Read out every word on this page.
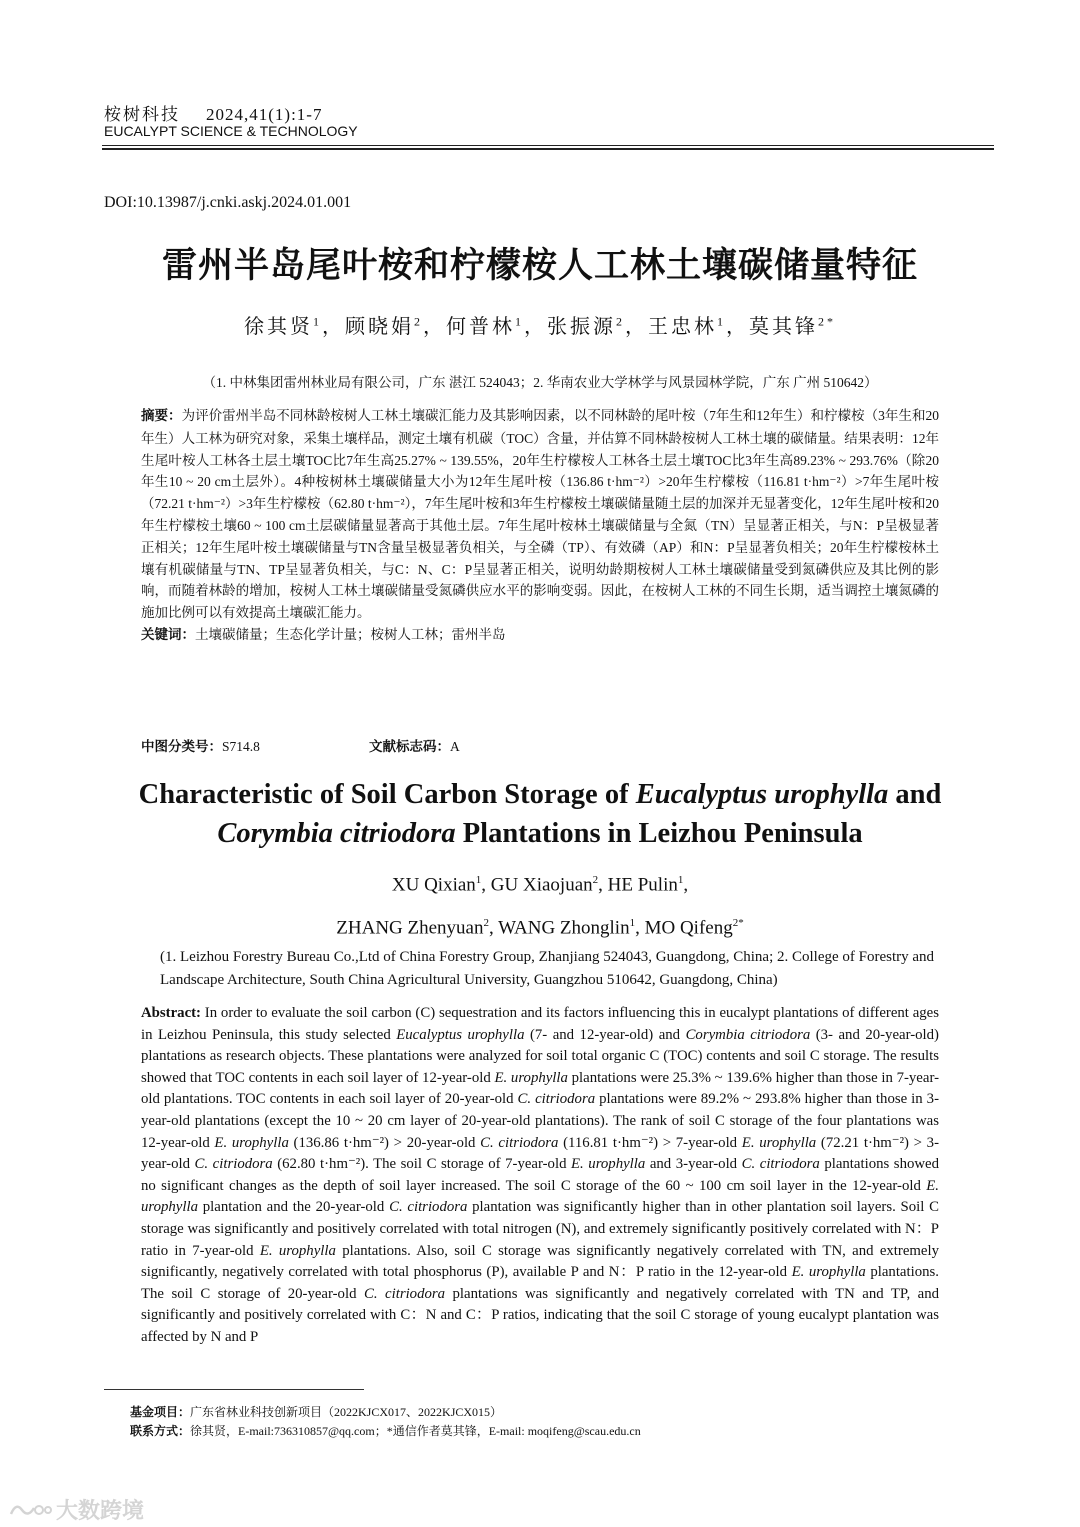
桉树科技 2024,41(1):1-7
EUCALYPT SCIENCE & TECHNOLOGY
DOI:10.13987/j.cnki.askj.2024.01.001
雷州半岛尾叶桉和柠檬桉人工林土壤碳储量特征
徐其贤$^1$，顾晓娟$^2$，何普林$^1$，张振源$^2$，王忠林$^1$，莫其锋$^{2*}$
（1. 中林集团雷州林业局有限公司，广东 湛江 524043；2. 华南农业大学林学与风景园林学院，广东 广州 510642）
摘要：为评价雷州半岛不同林龄桉树人工林土壤碳汇能力及其影响因素，以不同林龄的尾叶桉（7年生和12年生）和柠檬桉（3年生和20年生）人工林为研究对象，采集土壤样品，测定土壤有机碳（TOC）含量，并估算不同林龄桉树人工林土壤的碳储量。结果表明：12年生尾叶桉人工林各土层土壤TOC比7年生高25.27% ~ 139.55%，20年生柠檬桉人工林各土层土壤TOC比3年生高89.23% ~ 293.76%（除20年生10 ~ 20 cm土层外）。4种桉树林土壤碳储量大小为12年生尾叶桉（136.86 t·hm⁻²）>20年生柠檬桉（116.81 t·hm⁻²）>7年生尾叶桉（72.21 t·hm⁻²）>3年生柠檬桉（62.80 t·hm⁻²），7年生尾叶桉和3年生柠檬桉土壤碳储量随土层的加深并无显著变化，12年生尾叶桉和20年生柠檬桉土壤60 ~ 100 cm土层碳储量显著高于其他土层。7年生尾叶桉林土壤碳储量与全氮（TN）呈显著正相关，与N：P呈极显著正相关；12年生尾叶桉土壤碳储量与TN含量呈极显著负相关，与全磷（TP）、有效磷（AP）和N：P呈显著负相关；20年生柠檬桉林土壤有机碳储量与TN、TP呈显著负相关，与C：N、C：P呈显著正相关，说明幼龄期桉树人工林土壤碳储量受到氮磷供应及其比例的影响，而随着林龄的增加，桉树人工林土壤碳储量受氮磷供应水平的影响变弱。因此，在桉树人工林的不同生长期，适当调控土壤氮磷的施加比例可以有效提高土壤碳汇能力。
关键词：土壤碳储量；生态化学计量；桉树人工林；雷州半岛
中图分类号：S714.8	文献标志码：A
Characteristic of Soil Carbon Storage of Eucalyptus urophylla and
Corymbia citriodora Plantations in Leizhou Peninsula
XU Qixian$^1$, GU Xiaojuan$^2$, HE Pulin$^1$,
ZHANG Zhenyuan$^2$, WANG Zhonglin$^1$, MO Qifeng$^{2*}$
(1. Leizhou Forestry Bureau Co.,Ltd of China Forestry Group, Zhanjiang 524043, Guangdong, China; 2. College of Forestry and Landscape Architecture, South China Agricultural University, Guangzhou 510642, Guangdong, China)
Abstract: In order to evaluate the soil carbon (C) sequestration and its factors influencing this in eucalypt plantations of different ages in Leizhou Peninsula, this study selected Eucalyptus urophylla (7- and 12-year-old) and Corymbia citriodora (3- and 20-year-old) plantations as research objects. These plantations were analyzed for soil total organic C (TOC) contents and soil C storage. The results showed that TOC contents in each soil layer of 12-year-old E. urophylla plantations were 25.3% ~ 139.6% higher than those in 7-year-old plantations. TOC contents in each soil layer of 20-year-old C. citriodora plantations were 89.2% ~ 293.8% higher than those in 3-year-old plantations (except the 10 ~ 20 cm layer of 20-year-old plantations). The rank of soil C storage of the four plantations was 12-year-old E. urophylla (136.86 t·hm⁻²) > 20-year-old C. citriodora (116.81 t·hm⁻²) > 7-year-old E. urophylla (72.21 t·hm⁻²) > 3-year-old C. citriodora (62.80 t·hm⁻²). The soil C storage of 7-year-old E. urophylla and 3-year-old C. citriodora plantations showed no significant changes as the depth of soil layer increased. The soil C storage of the 60 ~ 100 cm soil layer in the 12-year-old E. urophylla plantation and the 20-year-old C. citriodora plantation was significantly higher than in other plantation soil layers. Soil C storage was significantly and positively correlated with total nitrogen (N), and extremely significantly positively correlated with N：P ratio in 7-year-old E. urophylla plantations. Also, soil C storage was significantly negatively correlated with TN, and extremely significantly, negatively correlated with total phosphorus (P), available P and N：P ratio in the 12-year-old E. urophylla plantations. The soil C storage of 20-year-old C. citriodora plantations was significantly and negatively correlated with TN and TP, and significantly and positively correlated with C：N and C：P ratios, indicating that the soil C storage of young eucalypt plantation was affected by N and P
基金项目：广东省林业科技创新项目（2022KJCX017、2022KJCX015）
联系方式：徐其贤，E-mail:736310857@qq.com；*通信作者莫其锋，E-mail: moqifeng@scau.edu.cn
大数跨境
